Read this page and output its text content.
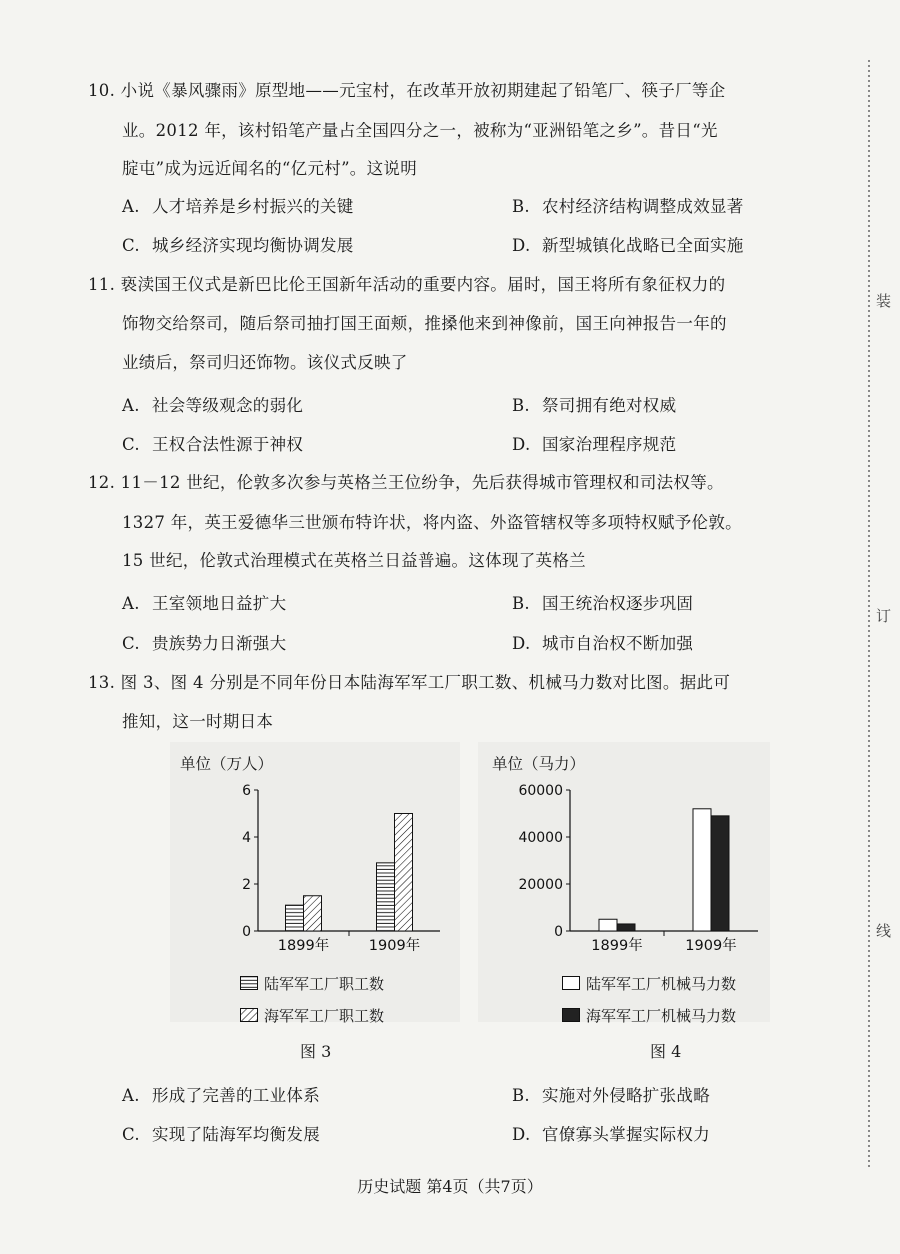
10. 小说《暴风骤雨》原型地——元宝村，在改革开放初期建起了铅笔厂、筷子厂等企
业。2012 年，该村铅笔产量占全国四分之一，被称为“亚洲铅笔之乡”。昔日“光
腚屯”成为远近闻名的“亿元村”。这说明
A. 人才培养是乡村振兴的关键	B. 农村经济结构调整成效显著
C. 城乡经济实现均衡协调发展	D. 新型城镇化战略已全面实施
11. 亵渎国王仪式是新巴比伦王国新年活动的重要内容。届时，国王将所有象征权力的
饰物交给祭司，随后祭司抽打国王面颊，推搡他来到神像前，国王向神报告一年的
业绩后，祭司归还饰物。该仪式反映了
A. 社会等级观念的弱化	B. 祭司拥有绝对权威
C. 王权合法性源于神权	D. 国家治理程序规范
12. 11－12 世纪，伦敦多次参与英格兰王位纷争，先后获得城市管理权和司法权等。
1327 年，英王爱德华三世颁布特许状，将内盗、外盗管辖权等多项特权赋予伦敦。
15 世纪，伦敦式治理模式在英格兰日益普遍。这体现了英格兰
A. 王室领地日益扩大	B. 国王统治权逐步巩固
C. 贵族势力日渐强大	D. 城市自治权不断加强
13. 图 3、图 4 分别是不同年份日本陆海军军工厂职工数、机械马力数对比图。据此可
推知，这一时期日本
单位（万人）
0
2
4
6
1899年	1909年
图 3
单位（马力）
0
20000
40000
60000
1899年	1909年
图 4
陆军军工厂职工数
海军军工厂职工数
陆军军工厂机械马力数
海军军工厂机械马力数
A. 形成了完善的工业体系	B. 实施对外侵略扩张战略
C. 实现了陆海军均衡发展	D. 官僚寡头掌握实际权力
历史试题 第4页（共7页）
装
订
线
